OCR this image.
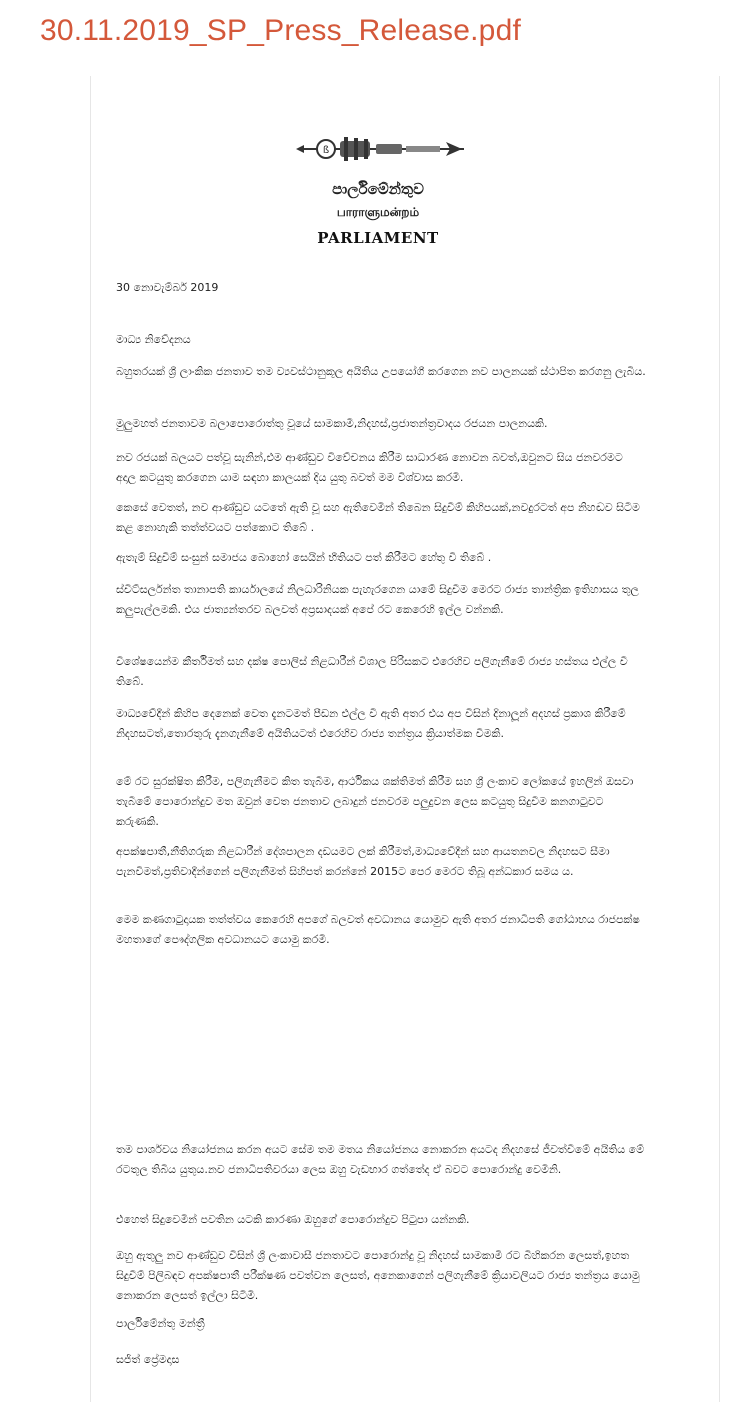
30.11.2019_SP_Press_Release.pdf
ß
පාර්ලිමේන්තුව
பாராளுமன்றம்
PARLIAMENT
30 නොවැම්බර් 2019
මාධ්‍ය නිවේදනය
බහුතරයක් ශ්‍රී ලාංකික ජනතාව තම ව්‍යවස්ථානුකූල අයිතිය උපයෝගී කරගෙන නව පාලනයක් ස්ථාපිත කරගනු ලැබිය.
මුලුමහත් ජනතාවම බලාපොරොත්තු වූයේ සාමකාමී,නිදහස්,ප්‍රජාතන්ත්‍රවාදය රජයන පාලනයකි.
නව රජයක් බලයට පත්වූ සැනින්,එම ආණ්ඩුව විවේචනය කිරීම සාධාරණ නොවන බවත්,ඔවුනට සිය ජනවරමට අදාල කටයුතු කරගෙන යාම සඳහා කාලයක් දිය යුතු බවත් මම විශ්වාස කරමි.
කෙසේ වෙතත්, නව ආණ්ඩුව යටතේ ඇති වූ සහ ඇතිවෙමින් තිබෙන සිදුවීම් කිහිපයක්,නවදුරටත් අප නිහඬව සිටීම කළ නොහැකි තත්ත්වයට පත්කොට තිබේ .
ඇතැම් සිදුවීම් සංසුන් සමාජය බොහෝ සෙයින් භීතියට පත් කිරීමට හේතු වී තිබේ .
ස්විට්සර්ලන්ත තානාපති කාර්යාලයේ නිලධාරිනියක පැහැරගෙන යාමේ සිදුවීම මෙරට රාජ්‍ය තාන්ත්‍රික ඉතිහාසය තුල කලුපැල්ලමකි. එය ජාත්‍යන්තරව බලවත් අප්‍රසාදයක් අපේ රට කෙරෙහි ඉල්ල වන්නකි.
විශේෂයෙන්ම කීර්තිමත් සහ දක්ෂ පොලිස් නිළධාරීන් විශාල පිරිසකට එරෙහිව පලිගැනීමේ රාජ්‍ය හස්තය එල්ල වී තිබේ.
මාධ්‍යවේදීන් කිහිප දෙනෙක් වෙත දැනටමත් පීඩන එල්ල වී ඇති අතර එය අප විසින් දිනාලූන් අදහස් ප්‍රකාශ කිරීමේ නිදහසටත්,තොරතුරු දැනගැනීමේ අයිතියටත් එරෙහිව රාජ්‍ය තන්ත්‍රය ක්‍රියාත්මක වීමකි.
මේ රට සුරක්ෂිත කිරීම, පලිගැනීමට කිත තැබීම, ආර්ථිකය ශක්තිමත් කිරීම සහ ශ්‍රී ලංකාව ලෝකයේ ඉහලින් ඔසවා තැබීමේ පොරොන්දුව මත ඔවුන් වෙත ජනතාව ලබාදුන් ජනවරම පලුදුවන ලෙස කටයුතු සිදුවීම කනගාටුවට කරුණකි.
අපක්ෂපාතී,නීතිගරුක නිළධාරීන් දේශපාලන දඩයමට ලක් කිරීමත්,මාධ්‍යවේදීන් සහ ආයතනවල නිදහසට සීමා පැනවීමත්,ප්‍රතිවාදීන්ගෙන් පලිගැනීමත් සිහිපත් කරන්නේ 2015ට පෙර මෙරට තිබූ අන්ධකාර සමය ය.
මෙම කණගාටුදායක තත්ත්වය කෙරෙහි අපගේ බලවත් අවධානය යොමුව ඇති අතර ජනාධිපති ගෝඨාභය රාජපක්ෂ මහතාගේ පෞද්ගලික අවධානයට යොමු කරමි.
තම පාර්ශවය නියෝජනය කරන අයට සේම තම මතය නියෝජනය නොකරන අයටද නිදහසේ ජීවත්වීමේ අයිතිය මේ රටතුල තිබිය යුතුය.නව ජනාධිපතිවරයා ලෙස ඔහු වැඩභාර ගත්තේද ඒ බවට පොරොන්දු වෙමිනි.
එහෙත් සිදුවෙමින් පවතින යටකි කාරණා ඔහුගේ පොරොන්දුව පිටුපා යන්නකි.
ඔහු ඇතුලු නව ආණ්ඩුව විසින් ශ්‍රී ලංකාවාසී ජනතාවට පොරොන්දු වූ නිදහස් සාමකාමී රට බිහිකරන ලෙසත්,ඉහත සිදුවීම් පිලිබඳව අපක්ෂපාතී පරීක්ෂණ පවත්වන ලෙසත්, අනෙකාගෙන් පලිගැනීමේ ක්‍රියාවලියට රාජ්‍ය තන්ත්‍රය යොමු නොකරන ලෙසත් ඉල්ලා සිටිමි.
පාර්ලිමේන්තු මන්ත්‍රී
සජිත් ප්‍රේමදාස
